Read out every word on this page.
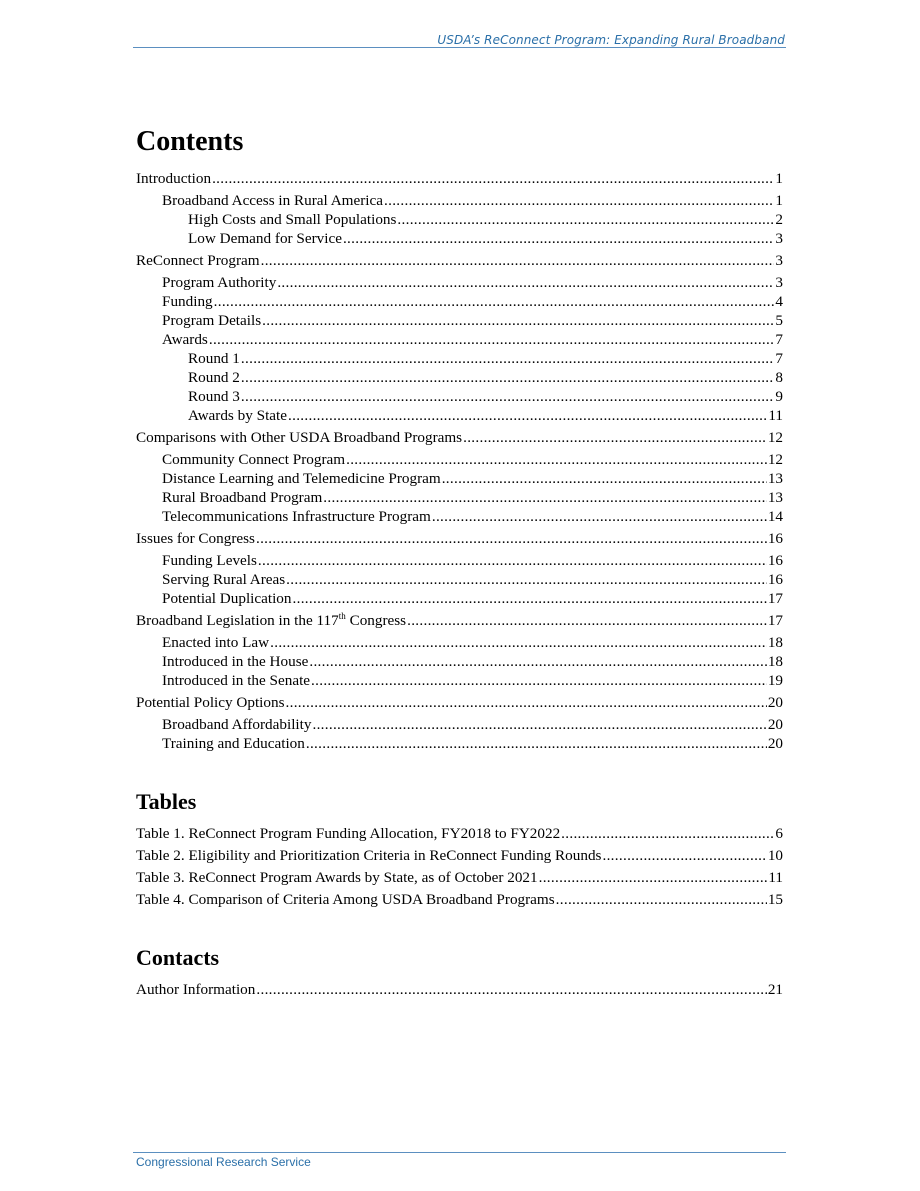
USDA’s ReConnect Program: Expanding Rural Broadband
Contents
Introduction .....	1
Broadband Access in Rural America .....	1
High Costs and Small Populations .....	2
Low Demand for Service .....	3
ReConnect Program .....	3
Program Authority .....	3
Funding .....	4
Program Details .....	5
Awards .....	7
Round 1 .....	7
Round 2 .....	8
Round 3 .....	9
Awards by State .....	11
Comparisons with Other USDA Broadband Programs .....	12
Community Connect Program .....	12
Distance Learning and Telemedicine Program .....	13
Rural Broadband Program .....	13
Telecommunications Infrastructure Program .....	14
Issues for Congress .....	16
Funding Levels .....	16
Serving Rural Areas .....	16
Potential Duplication .....	17
Broadband Legislation in the 117th Congress .....	17
Enacted into Law .....	18
Introduced in the House .....	18
Introduced in the Senate .....	19
Potential Policy Options .....	20
Broadband Affordability .....	20
Training and Education .....	20
Tables
Table 1. ReConnect Program Funding Allocation, FY2018 to FY2022 .....	6
Table 2. Eligibility and Prioritization Criteria in ReConnect Funding Rounds .....	10
Table 3. ReConnect Program Awards by State, as of October 2021 .....	11
Table 4. Comparison of Criteria Among USDA Broadband Programs .....	15
Contacts
Author Information .....	21
Congressional Research Service
